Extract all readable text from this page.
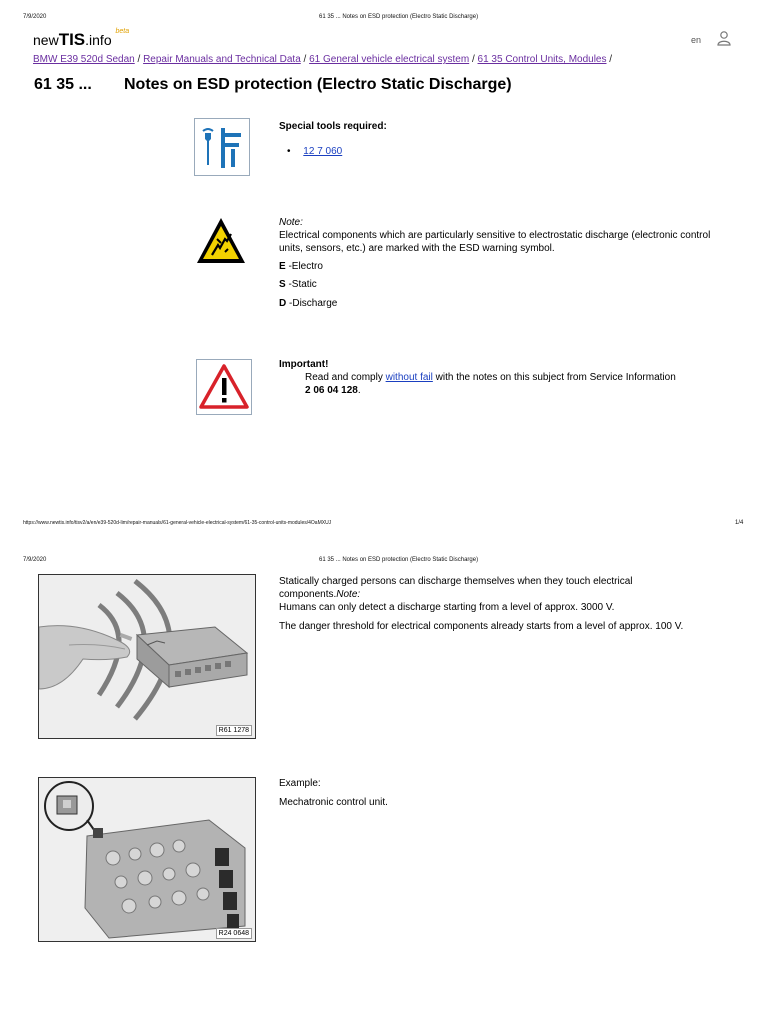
7/9/2020	61 35 ... Notes on ESD protection (Electro Static Discharge)
newTIS.info $^{beta}$
en
BMW E39 520d Sedan / Repair Manuals and Technical Data / 61 General vehicle electrical system / 61 35 Control Units, Modules /
61 35 ... Notes on ESD protection (Electro Static Discharge)
Special tools required:
• 12 7 060
Note:
Electrical components which are particularly sensitive to electrostatic discharge (electronic control units, sensors, etc.) are marked with the ESD warning symbol.
E -Electro
S -Static
D -Discharge
Important!
Read and comply without fail with the notes on this subject from Service Information
2 06 04 128.
https://www.newtis.info/tisv2/a/en/e39-520d-lim/repair-manuals/61-general-vehicle-electrical-system/61-35-control-units-modules/4OaMXUJ	1/4
7/9/2020	61 35 ... Notes on ESD protection (Electro Static Discharge)
R61 1278
Statically charged persons can discharge themselves when they touch electrical components.Note:
Humans can only detect a discharge starting from a level of approx. 3000 V.
The danger threshold for electrical components already starts from a level of approx. 100 V.
R24 0648
Example:
Mechatronic control unit.
